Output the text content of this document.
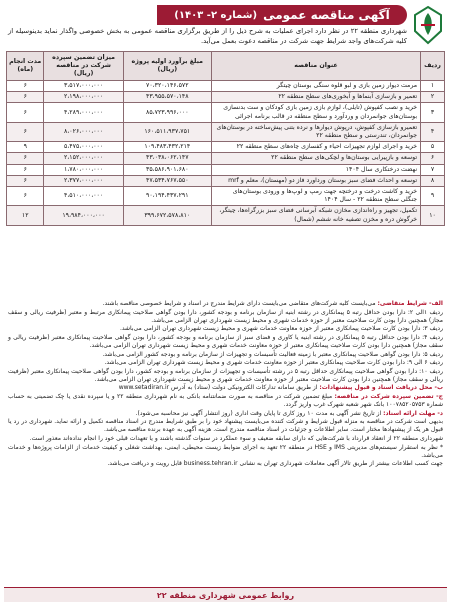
آگهی مناقصه عمومی
(شماره ۲- ۱۴۰۳)
شهرداری منطقه ۲۲ در نظر دارد اجرای عملیات به شرح ذیل را از طریق برگزاری مناقصه عمومی به بخش خصوصی واگذار نماید بدینوسیله از کلیه شرکت‌های واجد شرایط جهت شرکت در مناقصه دعوت بعمل می‌آید.
ردیف	عنوان مناقصه	مبلغ برآورد اولیه پروژه (ریال)	میزان تضمین سپرده شرکت در مناقصه (ریال)	مدت انجام (ماه)
۱	مرمت دیوار زمین بازی و لبو قلوه سنگی بوستان چیتگر	۷۰،۳۲۰،۱۴۶،۵۷۲	۳،۵۱۷،۰۰۰،۰۰۰	۶
۲	تعمیر و بازسازی آبنماها و آبخوری‌های سطح منطقه ۲۲	۴۳،۹۵۵،۵۷۰،۱۴۸	۲،۱۹۸،۰۰۰،۰۰۰	۶
۳	خرید و نصب کفپوش (تایلی)، لوازم بازی زمین بازی کودکان و ست بدنسازی بوستان‌های جوانمردان و وردآورد و سطح منطقه در قالب برنامه اجرائی	۸۵،۷۲۳،۹۹۶،۰۰۰	۴،۲۸۹،۰۰۰،۰۰۰	۶
۴	تعمیرو بازسازی کفپوش، درپوش دیوارها و نرده بتنی پیش‌ساخته در بوستان‌های جوانمردان، تندرستی و سطح منطقه ۲۲	۱۶۰،۵۱۱،۹۳۷،۷۵۱	۸،۰۲۶،۰۰۰،۰۰۰	۶
۵	خرید و اجرای لوازم تجهیزات احیاء و کفسازی چاه‌های سطح منطقه ۲۲	۱۰۹،۴۸۳،۴۳۲،۲۱۴	۵،۴۷۵،۰۰۰،۰۰۰	۹
۶	توسعه و بازپیرایی بوستان‌ها و لچکی‌های سطح منطقه ۲۲	۴۳،۰۳۸،۰۶۲،۱۴۷	۲،۱۵۲،۰۰۰،۰۰۰	۶
۷	نهضت درختکاری سال ۱۴۰۴	۳۵،۵۸۶،۹۰۱،۶۸۰	۱،۷۸۰،۰۰۰،۰۰۰	۶
۸	توسعه و احداث فضای سبز بوستان ورداورد فاز دو (مهستان)، معلم و mrf	۴۷،۵۳۴،۷۶۷،۵۵۰	۲،۳۷۷،۰۰۰،۰۰۰	۶
۹	خرید و کاشت درخت و درختچه جهت رمپ و لوپ‌ها و ورودی بوستان‌های جنگلی سطح منطقه ۲۲ - سال ۱۴۰۴	۹۰،۱۹۴،۴۳۷،۲۹۱	۴،۵۱۰،۰۰۰،۰۰۰	۶
۱۰	تکمیل، تجهیز و راه‌اندازی مخازن شبکه آبرسانی فضای سبز بزرگراه‌ها، چیتگر، خرگوش دره و مخزن تصفیه خانه ششم (شمال)	۳۹۹،۶۷۲،۵۷۸،۸۱۰	۱۹،۹۸۴،۰۰۰،۰۰۰	۱۲

الف- شرایط متقاضی: می‌بایست کلیه شرکت‌های متقاضی می‌بایست دارای شرایط مندرج در اسناد و شرایط خصوصی مناقصه باشند.

ردیف ۱الی ۲: دارا بودن حداقل رتبه ۵ پیمانکاری در رشته ابنیه از سازمان برنامه و بودجه کشور، دارا بودن گواهی صلاحیت پیمانکاری مرتبط و معتبر (ظرفیت ریالی و سقف مجاز) همچنین دارا بودن کارت صلاحیت معتبر از حوزه خدمات شهری و محیط زیست شهرداری تهران الزامی می‌باشد.

ردیف ۳: دارا بودن کارت صلاحیت پیمانکاری معتبر از حوزه معاونت خدمات شهری و محیط زیست شهرداری تهران الزامی می‌باشد.

ردیف ۴: دارا بودن حداقل رتبه ۵ پیمانکاری در رشته ابنیه یا کاوری و فضای سبز از سازمان برنامه و بودجه کشور، دارا بودن گواهی صلاحیت پیمانکاری معتبر (ظرفیت ریالی و سقف مجاز) همچنین دارا بودن کارت صلاحیت پیمانکاری معتبر از حوزه معاونت خدمات شهری و محیط زیست شهرداری تهران الزامی می‌باشد.

ردیف ۵: دارا بودن گواهی صلاحیت پیمانکاری معتبر با زمینه فعالیت تأسیسات و تجهیزات از سازمان برنامه و بودجه کشور الزامی می‌باشد.

ردیف ۶ الی ۹: دارا بودن کارت صلاحیت پیمانکاری معتبر از حوزه معاونت خدمات شهری و محیط زیست شهرداری تهران الزامی می‌باشد.

ردیف ۱۰: دارا بودن گواهی صلاحیت پیمانکاری حداقل رتبه ۵ در رشته تأسیسات و تجهیزات از سازمان برنامه و بودجه کشور، دارا بودن گواهی صلاحیت پیمانکاری معتبر (ظرفیت ریالی و سقف مجاز) همچنین دارا بودن کارت صلاحیت معتبر از حوزه معاونت خدمات شهری و محیط زیست شهرداری تهران الزامی می‌باشد.

ب- محل دریافت اسناد و قبول پیشنهادات: از طریق سامانه تدارکات الکترونیکی دولت (ستاد) به آدرس www.setadiran.ir

ج- تضمین سپرده شرکت در مناقصه: مبلغ تضمین شرکت در مناقصه به صورت ضمانتنامه بانکی به نام شهرداری منطقه ۲۲ و یا سپرده نقدی یا چک تضمینی به حساب شماره ۱۰۰۷۸۵۲۰۵۷۵۳ بانک شهر شعبه شهرک غرب واریز گردد.

د- مهلت ارائه اسناد: از تاریخ نشر آگهی به مدت ۱۰ روز کاری تا پایان وقت اداری (روز انتشار آگهی نیز محاسبه می‌شود).

بدیهی است شرکت در مناقصه به منزله قبول شرایط و شرکت کننده می‌بایست پیشنهاد خود را بر طبق شرایط مندرج در اسناد مناقصه تکمیل و ارائه نماید. شهرداری در رد یا قبول هر یک از پیشنهادها مختار است. سایر اطلاعات و جزئیات در اسناد مناقصه مندرج است. هزینه آگهی به عهده برنده مناقصه می‌باشد.

شهرداری منطقه ۲۲ از انعقاد قرارداد با شرکت‌هایی که دارای سابقه ضعیف و سوء عملکرد در سنوات گذشته باشند و یا تعهدات قبلی خود را انجام نداده‌اند معذور است.

* نظر به استقرار سیستم‌های مدیریتی IMS و HSE در منطقه ۲۲ تعهد به اجرای ضوابط زیست محیطی، ایمنی، بهداشت شغلی و کیفیت خدمات از الزامات پروژه‌ها و خدمات می‌باشد.

جهت کسب اطلاعات بیشتر از طریق تالار آگهی معاملات شهرداری تهران به نشانی business.tehran.ir قابل رویت و دریافت می‌باشد.

روابط عمومی شهرداری منطقه ۲۲
